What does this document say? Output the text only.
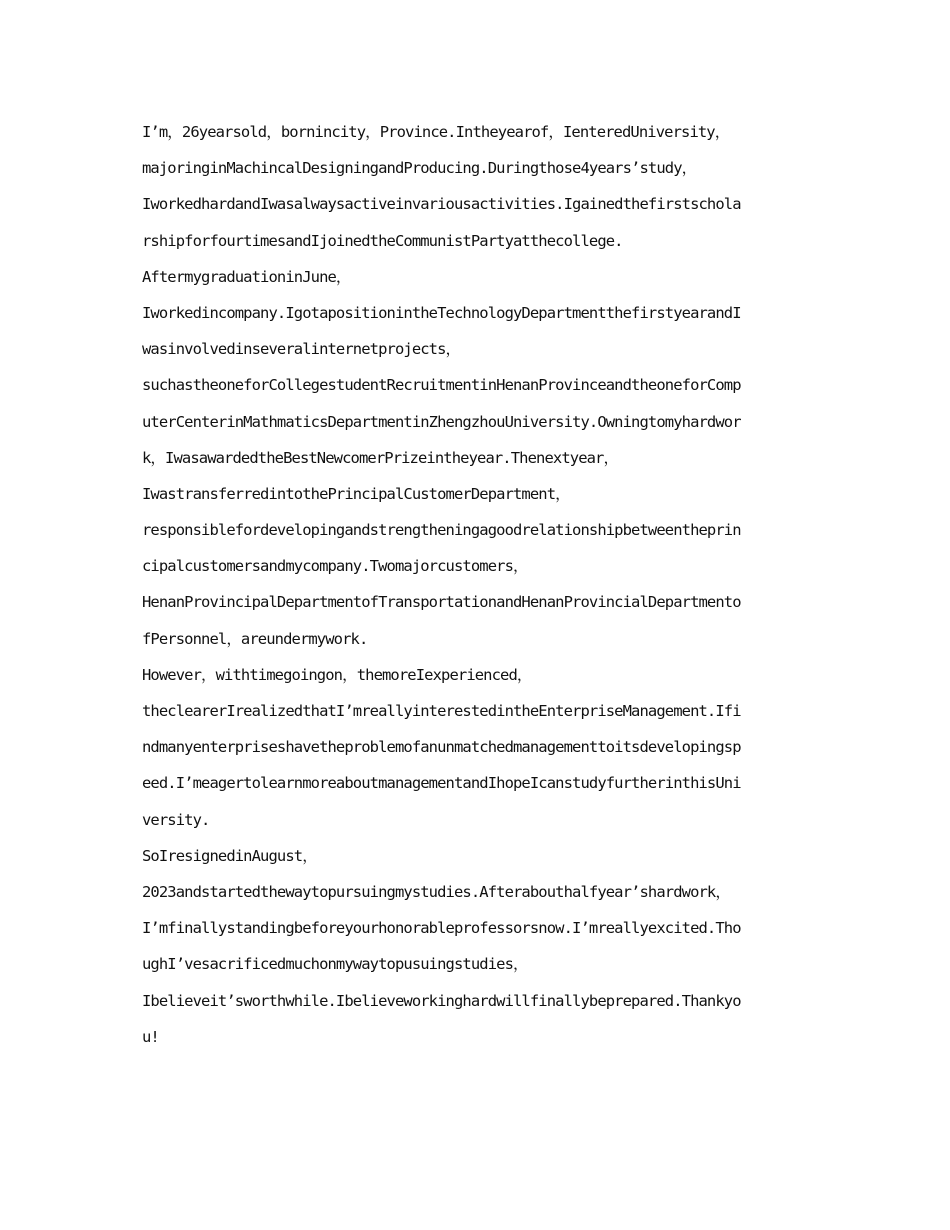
I’m，26yearsold，bornincity，Province.Intheyearof，IenteredUniversity，
majoringinMachincalDesigningandProducing.Duringthose4years’study，
IworkedhardandIwasalwaysactiveinvariousactivities.Igainedthefirstschola
rshipforfourtimesandIjoinedtheCommunistPartyatthecollege.
AftermygraduationinJune，
Iworkedincompany.IgotapositionintheTechnologyDepartmentthefirstyearandI
wasinvolvedinseveralinternetprojects，
suchastheoneforCollegestudentRecruitmentinHenanProvinceandtheoneforComp
uterCenterinMathmaticsDepartmentinZhengzhouUniversity.Owningtomyhardwor
k，IwasawardedtheBestNewcomerPrizeintheyear.Thenextyear，
IwastransferredintothePrincipalCustomerDepartment，
responsiblefordevelopingandstrengtheningagoodrelationshipbetweentheprin
cipalcustomersandmycompany.Twomajorcustomers，
HenanProvincipalDepartmentofTransportationandHenanProvincialDepartmento
fPersonnel，areundermywork.
However，withtimegoingon，themoreIexperienced，
theclearerIrealizedthatI’mreallyinterestedintheEnterpriseManagement.Ifi
ndmanyenterpriseshavetheproblemofanunmatchedmanagementtoitsdevelopingsp
eed.I’meagertolearnmoreaboutmanagementandIhopeIcanstudyfurtherinthisUni
versity.
SoIresignedinAugust，
2023andstartedthewaytopursuingmystudies.Afterabouthalfyear’shardwork，
I’mfinallystandingbeforeyourhonorableprofessorsnow.I’mreallyexcited.Tho
ughI’vesacrificedmuchonmywaytopusuingstudies，
Ibelieveit’sworthwhile.Ibelieveworkinghardwillfinallybeprepared.Thankyo
u!
